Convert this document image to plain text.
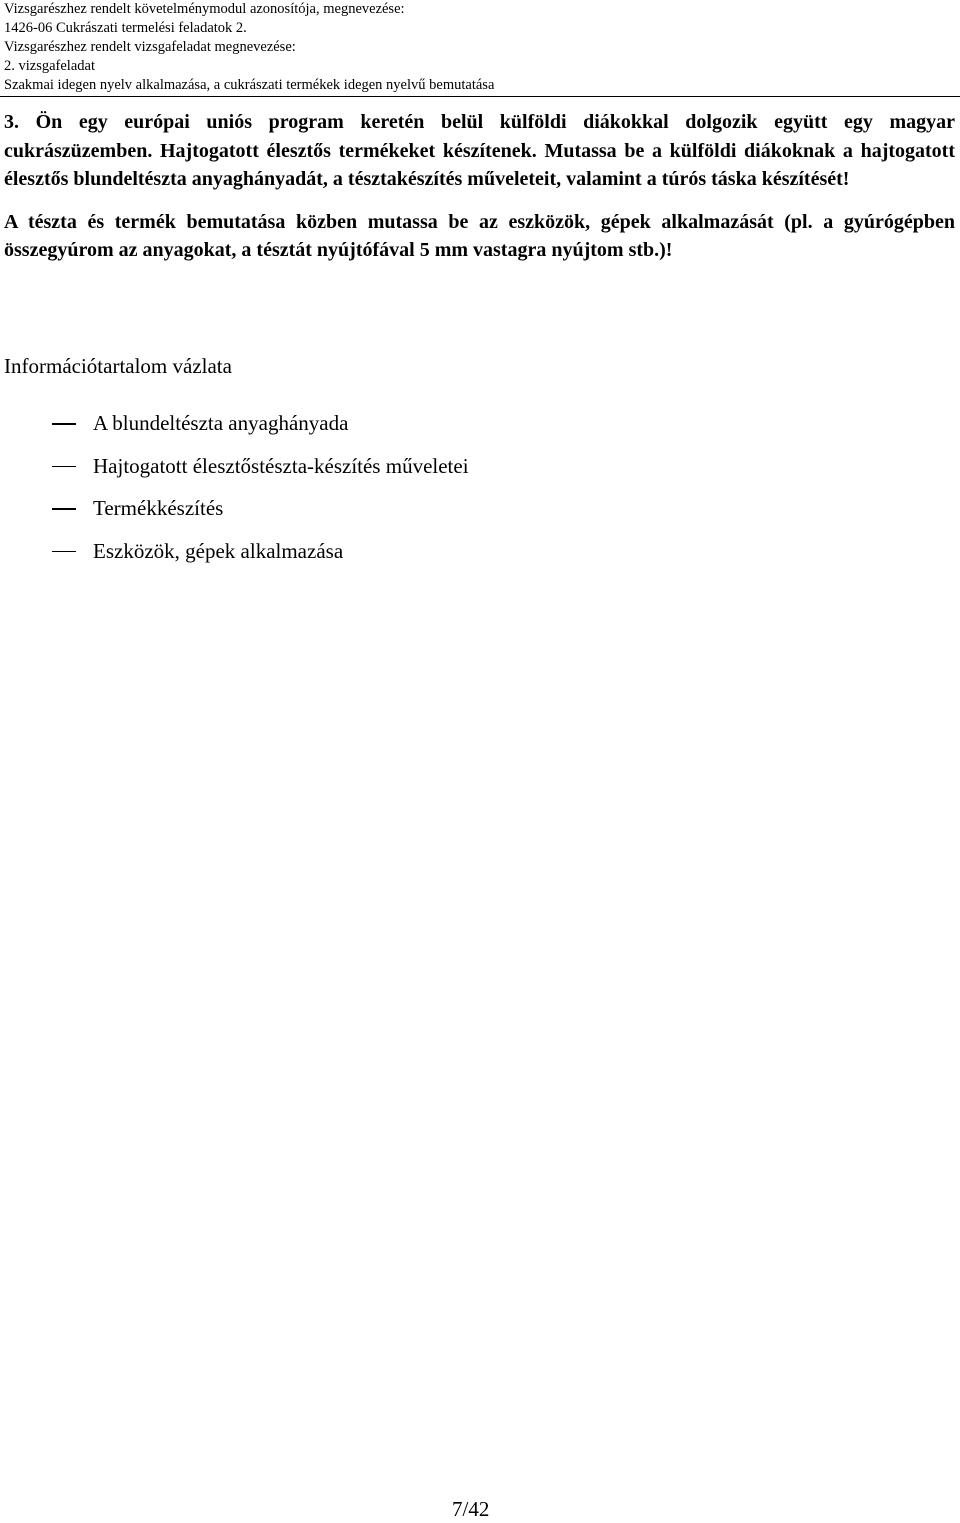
Vizsgarészhez rendelt követelménymodul azonosítója, megnevezése:
1426-06 Cukrászati termelési feladatok 2.
Vizsgarészhez rendelt vizsgafeladat megnevezése:
2. vizsgafeladat
Szakmai idegen nyelv alkalmazása, a cukrászati termékek idegen nyelvű bemutatása

3. Ön egy európai uniós program keretén belül külföldi diákokkal dolgozik együtt egy magyar cukrászüzemben. Hajtogatott élesztős termékeket készítenek. Mutassa be a külföldi diákoknak a hajtogatott élesztős blundeltészta anyaghányadát, a tésztakészítés műveleteit, valamint a túrós táska készítését!

A tészta és termék bemutatása közben mutassa be az eszközök, gépek alkalmazását (pl. a gyúrógépben összegyúrom az anyagokat, a tésztát nyújtófával 5 mm vastagra nyújtom stb.)!

Információtartalom vázlata
A blundeltészta anyaghányada
Hajtogatott élesztőstészta-készítés műveletei
Termékkészítés
Eszközök, gépek alkalmazása
7/42
